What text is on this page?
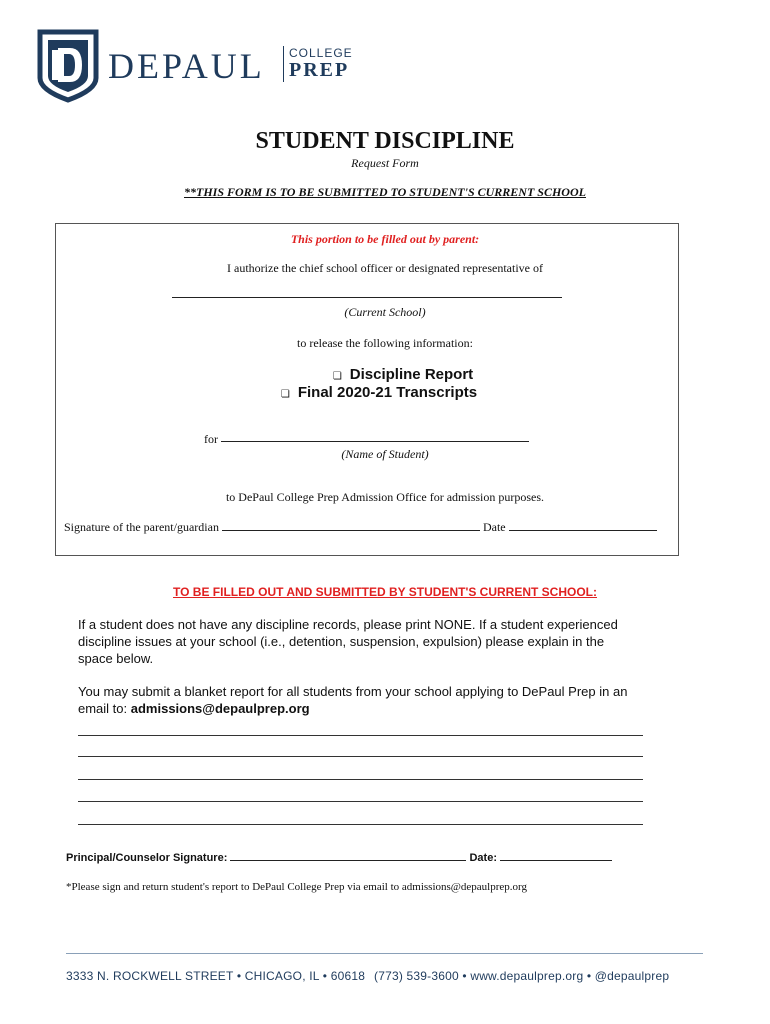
DEPAUL COLLEGE
PREP
STUDENT DISCIPLINE
Request Form
**THIS FORM IS TO BE SUBMITTED TO STUDENT'S CURRENT SCHOOL
This portion to be filled out by parent:
I authorize the chief school officer or designated representative of
(Current School)
to release the following information:
❏ Discipline Report
❏ Final 2020-21 Transcripts
for
(Name of Student)
to DePaul College Prep Admission Office for admission purposes.
Signature of the parent/guardian	Date
TO BE FILLED OUT AND SUBMITTED BY STUDENT'S CURRENT SCHOOL:
If a student does not have any discipline records, please print NONE. If a student experienced discipline issues at your school (i.e., detention, suspension, expulsion) please explain in the space below.
You may submit a blanket report for all students from your school applying to DePaul Prep in an email to: admissions@depaulprep.org
Principal/Counselor Signature:	Date:
*Please sign and return student's report to DePaul College Prep via email to admissions@depaulprep.org
3333 N. ROCKWELL STREET • CHICAGO, IL • 60618 (773) 539-3600 • www.depaulprep.org • @depaulprep
